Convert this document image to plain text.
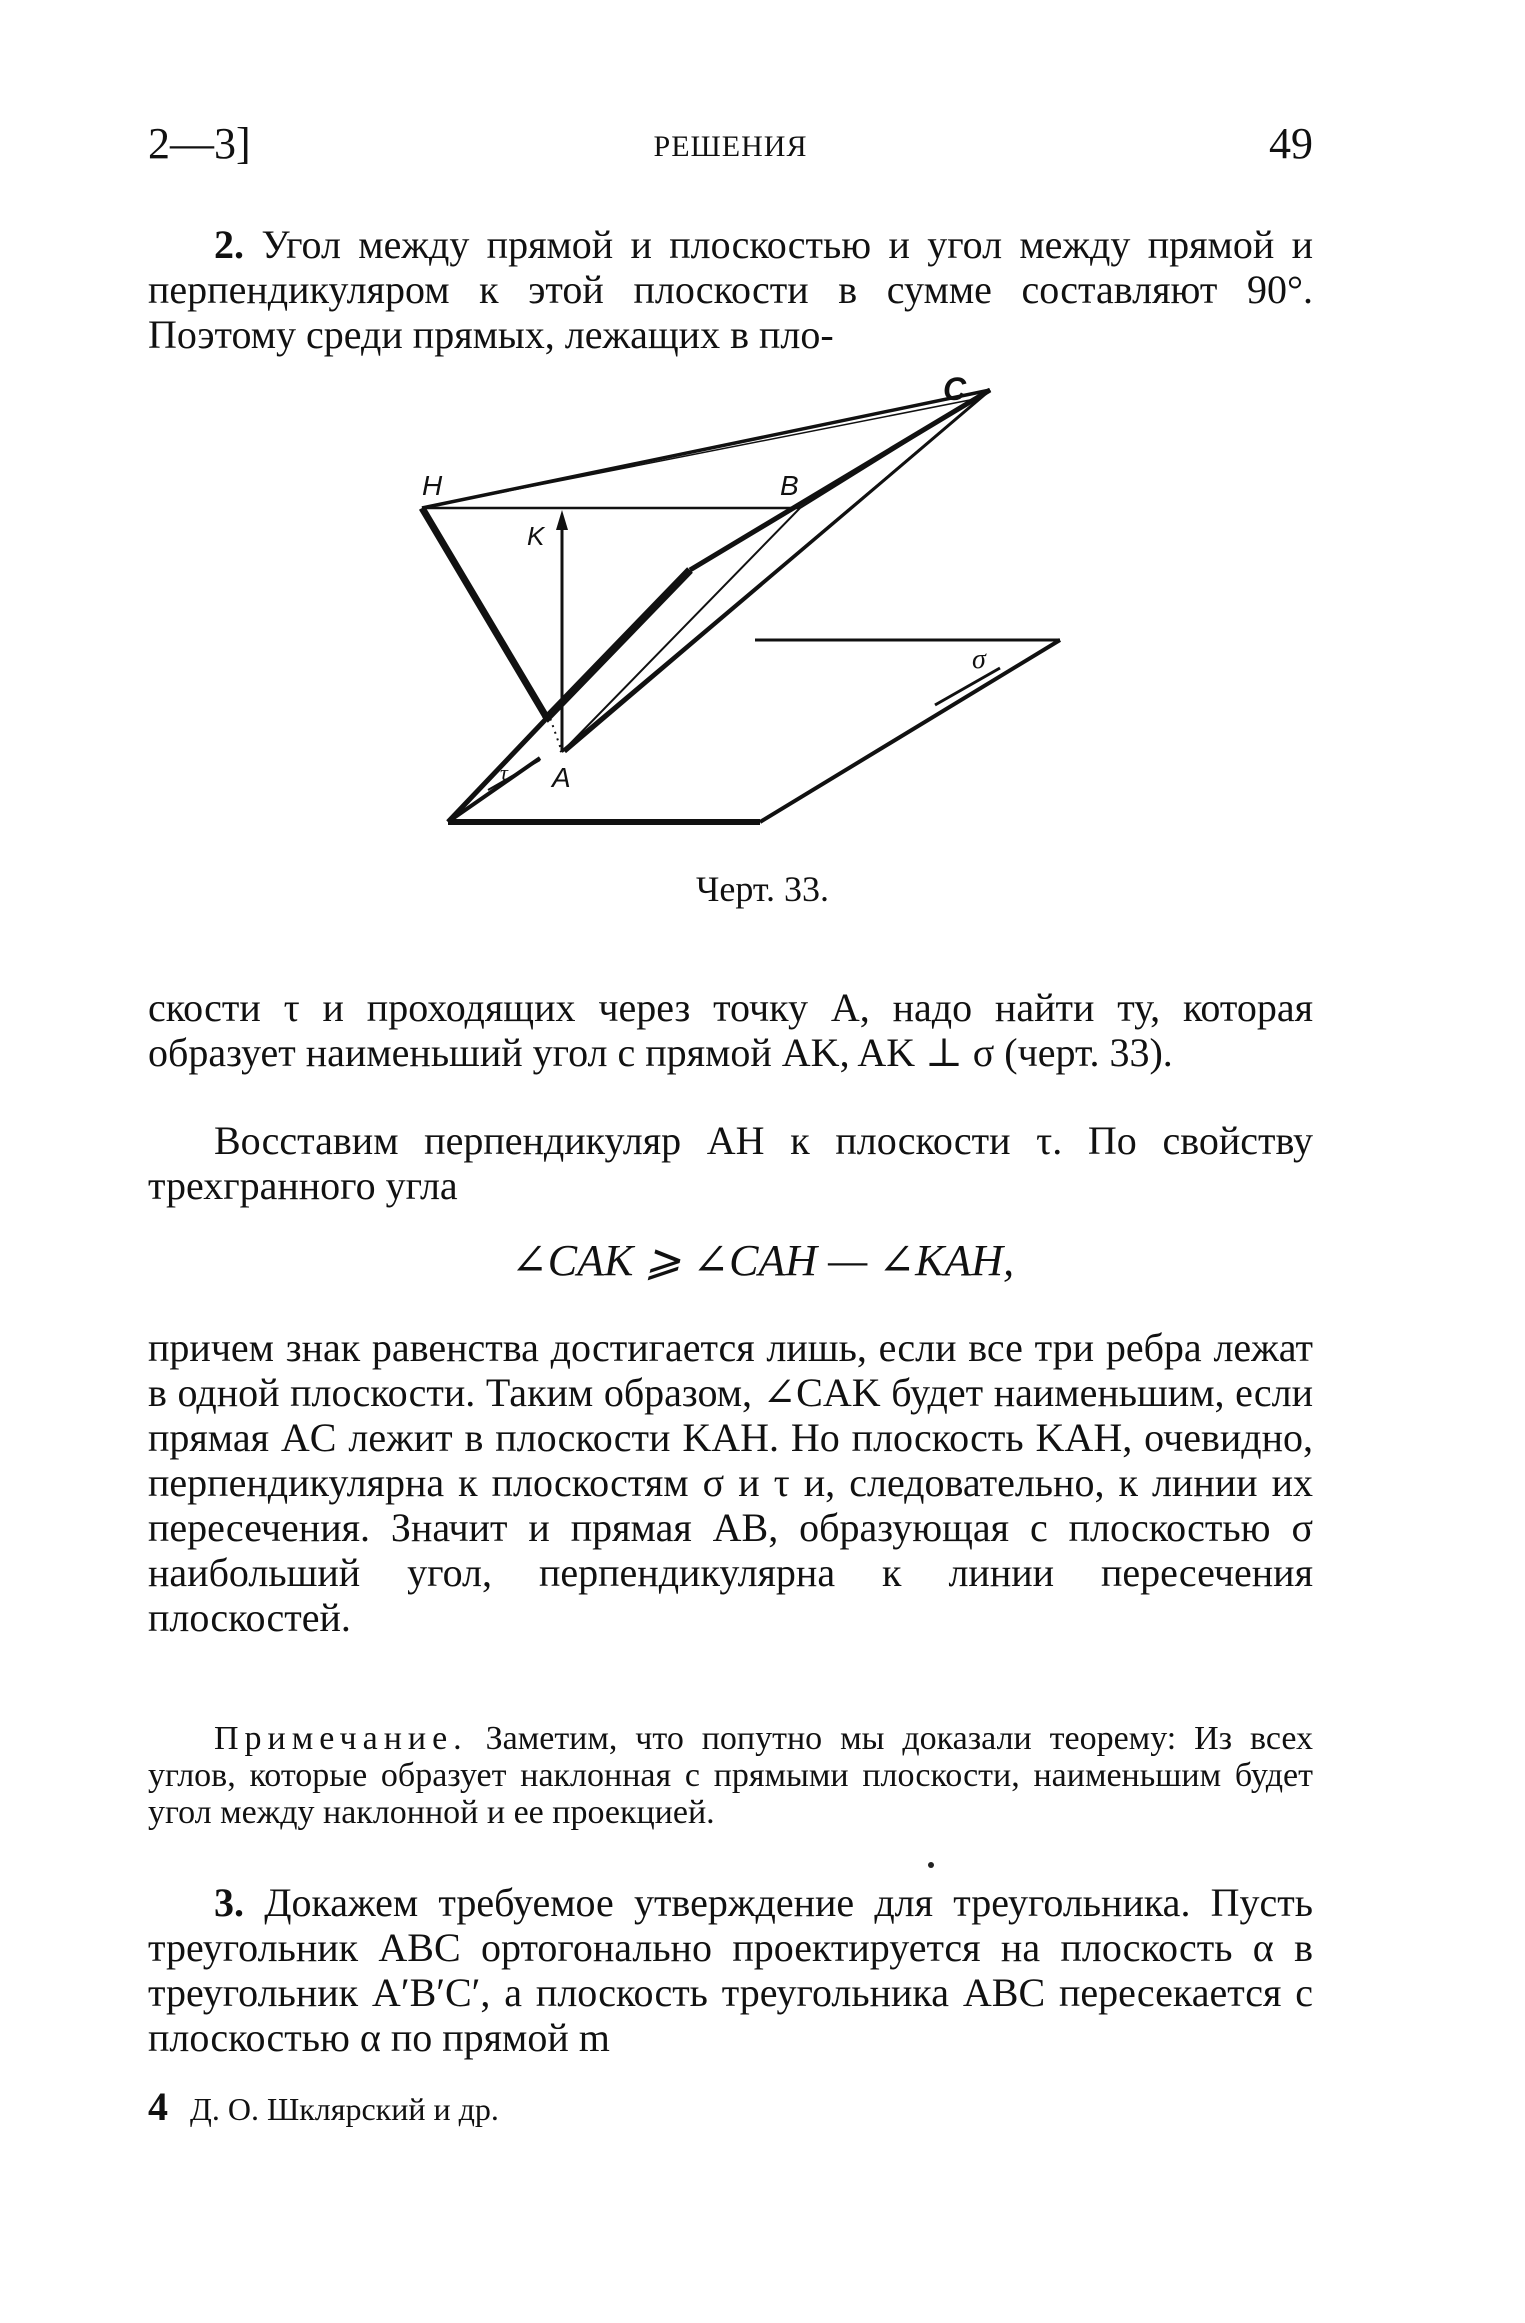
2—3]	РЕШЕНИЯ	49

2. Угол между прямой и плоскостью и угол между прямой и перпендикуляром к этой плоскости в сумме составляют 90°. Поэтому среди прямых, лежащих в пло-

C
H	B
K
A
σ
τ
Черт. 33.

скости τ и проходящих через точку A, надо найти ту, которая образует наименьший угол с прямой AK, AK ⊥ σ (черт. 33).

Восставим перпендикуляр AH к плоскости τ. По свойству трехгранного угла

∠CAK ⩾ ∠CAH — ∠KAH,

причем знак равенства достигается лишь, если все три ребра лежат в одной плоскости. Таким образом, ∠CAK будет наименьшим, если прямая AC лежит в плоскости KAH. Но плоскость KAH, очевидно, перпендикулярна к плоскостям σ и τ и, следовательно, к линии их пересечения. Значит и прямая AB, образующая с плоскостью σ наибольший угол, перпендикулярна к линии пересечения плоскостей.

Примечание. Заметим, что попутно мы доказали теорему: Из всех углов, которые образует наклонная с прямыми плоскости, наименьшим будет угол между наклонной и ее проекцией.

3. Докажем требуемое утверждение для треугольника. Пусть треугольник ABC ортогонально проектируется на плоскость α в треугольник A′B′C′, а плоскость треугольника ABC пересекается с плоскостью α по прямой m

4 Д. О. Шклярский и др.
